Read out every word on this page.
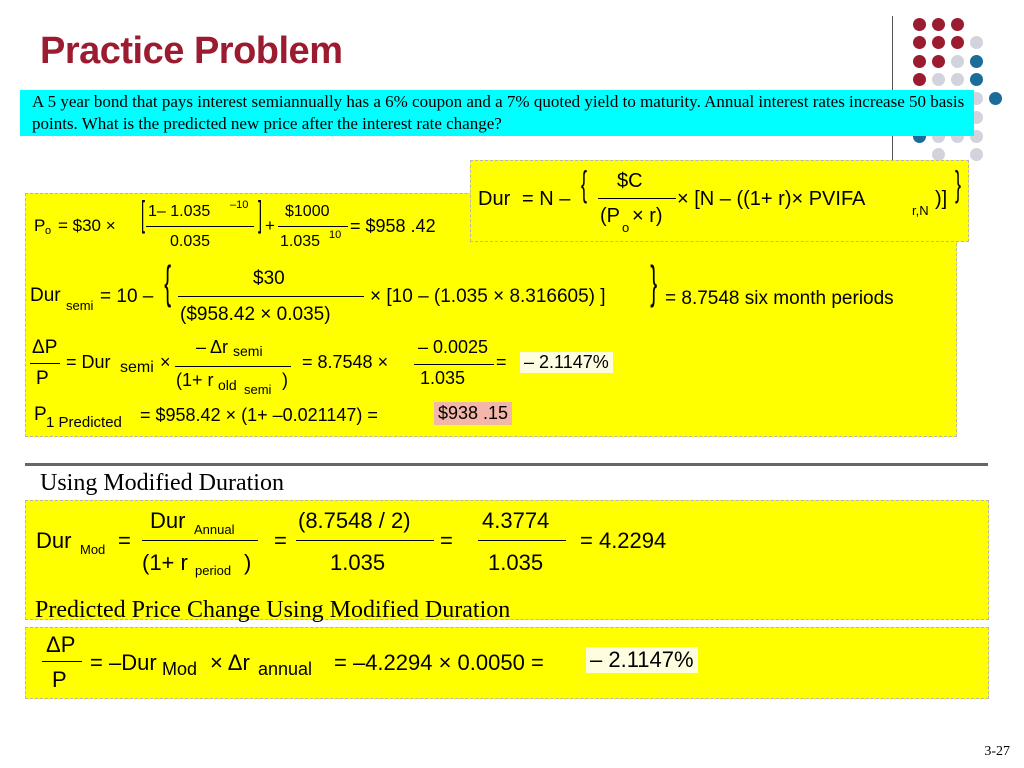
Practice Problem
A 5 year bond that pays interest semiannually has a 6% coupon and a 7% quoted yield to maturity. Annual interest rates increase 50 basis points. What is the predicted new price after the interest rate change?
Dur = N – { $C
(P
o
× r)
× [N – ((1+ r)× PVIFA
r,N
)] }
P o = $30 × [ 1– 1.035 –10
0.035
] +
$1000
1.035 10 = $958 .42
Dur semi = 10 – {	$30
($958.42 × 0.035)
× [10 – (1.035 × 8.316605) ] } = 8.7548 six month periods
ΔP
P
= Dur semi ×
– Δr semi
(1+ r old semi )
= 8.7548 ×
– 0.0025
1.035
= – 2.1147%
P 1 Predicted = $958.42 × (1+ –0.021147) =	$938 .15
Using Modified Duration
Dur Mod =
Dur Annual
(1+ r period )
=
(8.7548 / 2)
1.035
=
4.3774
1.035
= 4.2294
Predicted Price Change Using Modified Duration
ΔP
P
= –Dur Mod × Δr annual = –4.2294 × 0.0050 = – 2.1147%
3-27
